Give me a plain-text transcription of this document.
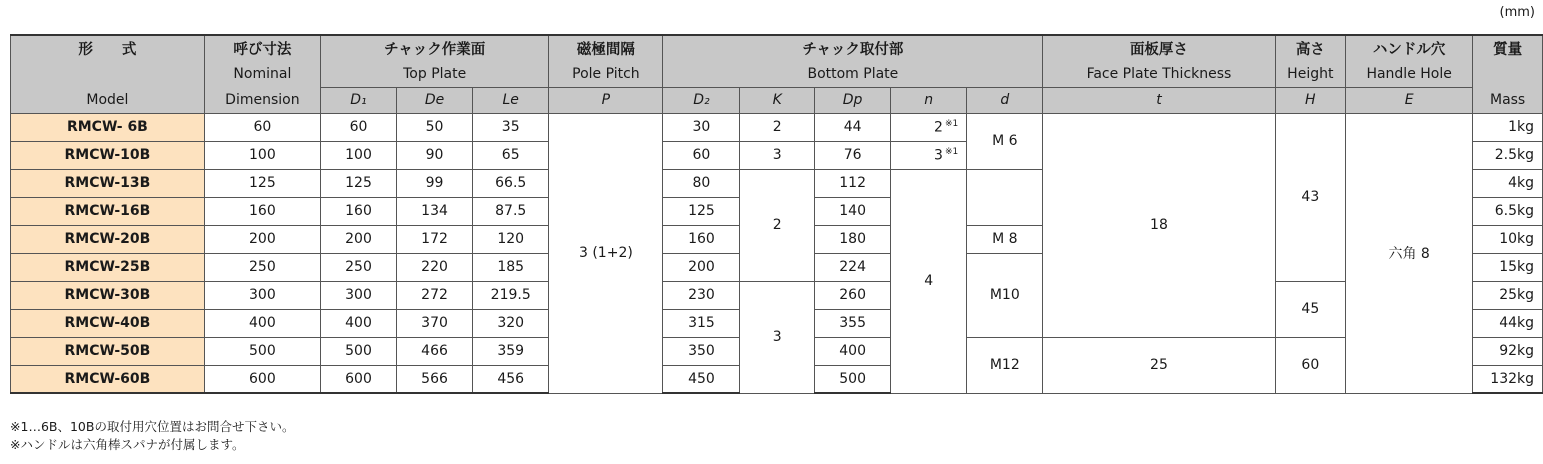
(mm)
形　　式	呼び寸法	チャック作業面			磁極間隔	チャック取付部					面板厚さ	高さ	ハンドル穴	質量

	Nominal	Top Plate			Pole Pitch	Bottom Plate					Face Plate Thickness	Height	Handle Hole	

Model	Dimension	D₁	De	Le	P	D₂	K	Dp	n	d	t	H	E	Mass

RMCW- 6B	60	60	50	35	3 (1+2)	30	2	44	2 $^{※1}$	M 6	18	43	六角 8	1kg
RMCW-10B	100	100	90	65		60	3	76	3 $^{※1}$					2.5kg
RMCW-13B	125	125	99	66.5		80	2	112	4					4kg
RMCW-16B	160	160	134	87.5		125		140						6.5kg
RMCW-20B	200	200	172	120		160		180		M 8				10kg
RMCW-25B	250	250	220	185		200		224		M10				15kg
RMCW-30B	300	300	272	219.5		230	3	260				45		25kg
RMCW-40B	400	400	370	320		315		355						44kg
RMCW-50B	500	500	466	359		350		400		M12	25	60		92kg
RMCW-60B	600	600	566	456		450		500						132kg
※1…6B、10Bの取付用穴位置はお問合せ下さい。
※ハンドルは六角棒スパナが付属します。
